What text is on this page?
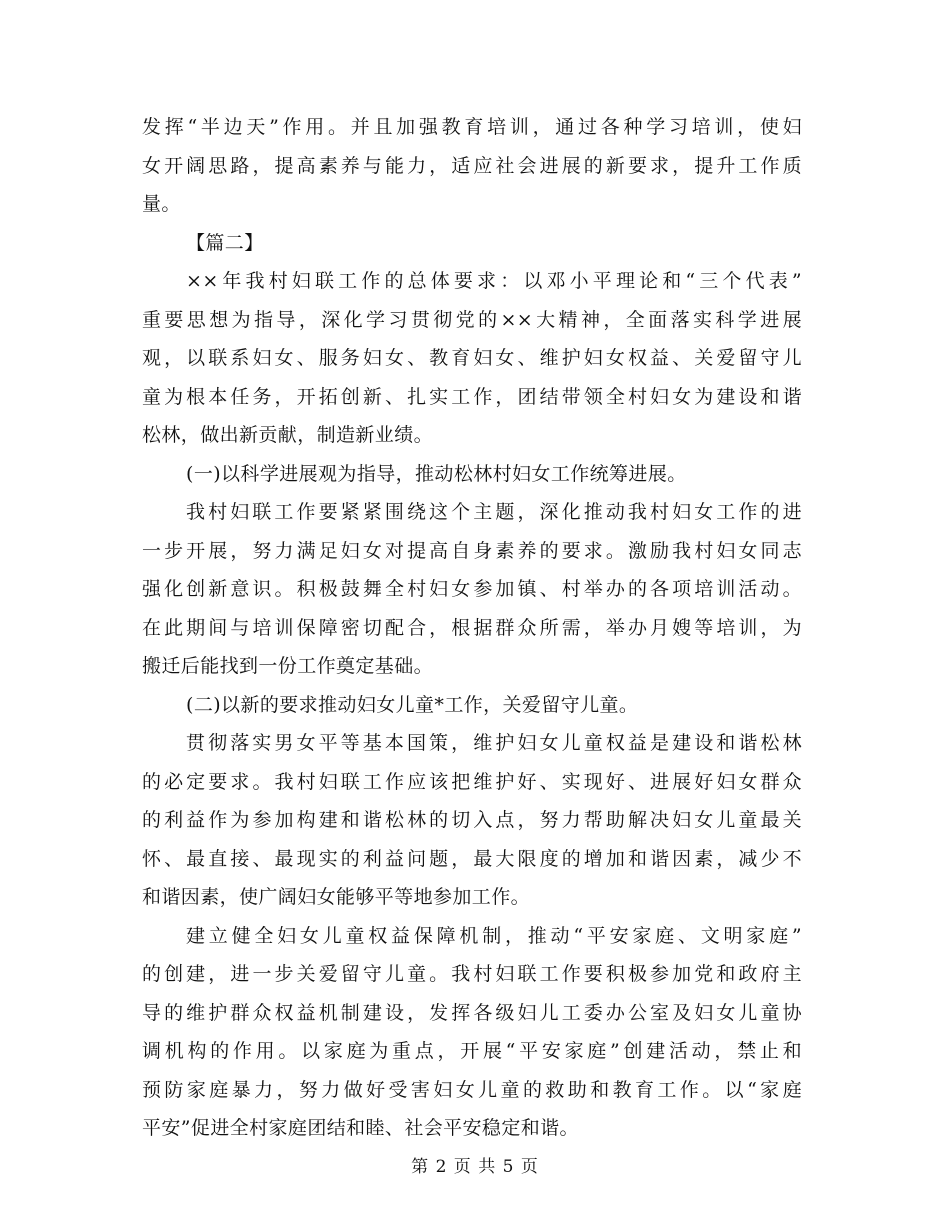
发挥“半边天”作用。并且加强教育培训，通过各种学习培训，使妇
女开阔思路，提高素养与能力，适应社会进展的新要求，提升工作质
量。
【篇二】
××年我村妇联工作的总体要求：以邓小平理论和“三个代表”
重要思想为指导，深化学习贯彻党的××大精神，全面落实科学进展
观，以联系妇女、服务妇女、教育妇女、维护妇女权益、关爱留守儿
童为根本任务，开拓创新、扎实工作，团结带领全村妇女为建设和谐
松林，做出新贡献，制造新业绩。
(一)以科学进展观为指导，推动松林村妇女工作统筹进展。
我村妇联工作要紧紧围绕这个主题，深化推动我村妇女工作的进
一步开展，努力满足妇女对提高自身素养的要求。激励我村妇女同志
强化创新意识。积极鼓舞全村妇女参加镇、村举办的各项培训活动。
在此期间与培训保障密切配合，根据群众所需，举办月嫂等培训，为
搬迁后能找到一份工作奠定基础。
(二)以新的要求推动妇女儿童*工作，关爱留守儿童。
贯彻落实男女平等基本国策，维护妇女儿童权益是建设和谐松林
的必定要求。我村妇联工作应该把维护好、实现好、进展好妇女群众
的利益作为参加构建和谐松林的切入点，努力帮助解决妇女儿童最关
怀、最直接、最现实的利益问题，最大限度的增加和谐因素，减少不
和谐因素，使广阔妇女能够平等地参加工作。
建立健全妇女儿童权益保障机制，推动“平安家庭、文明家庭”
的创建，进一步关爱留守儿童。我村妇联工作要积极参加党和政府主
导的维护群众权益机制建设，发挥各级妇儿工委办公室及妇女儿童协
调机构的作用。以家庭为重点，开展“平安家庭”创建活动，禁止和
预防家庭暴力，努力做好受害妇女儿童的救助和教育工作。以“家庭
平安”促进全村家庭团结和睦、社会平安稳定和谐。
第 2 页 共 5 页
